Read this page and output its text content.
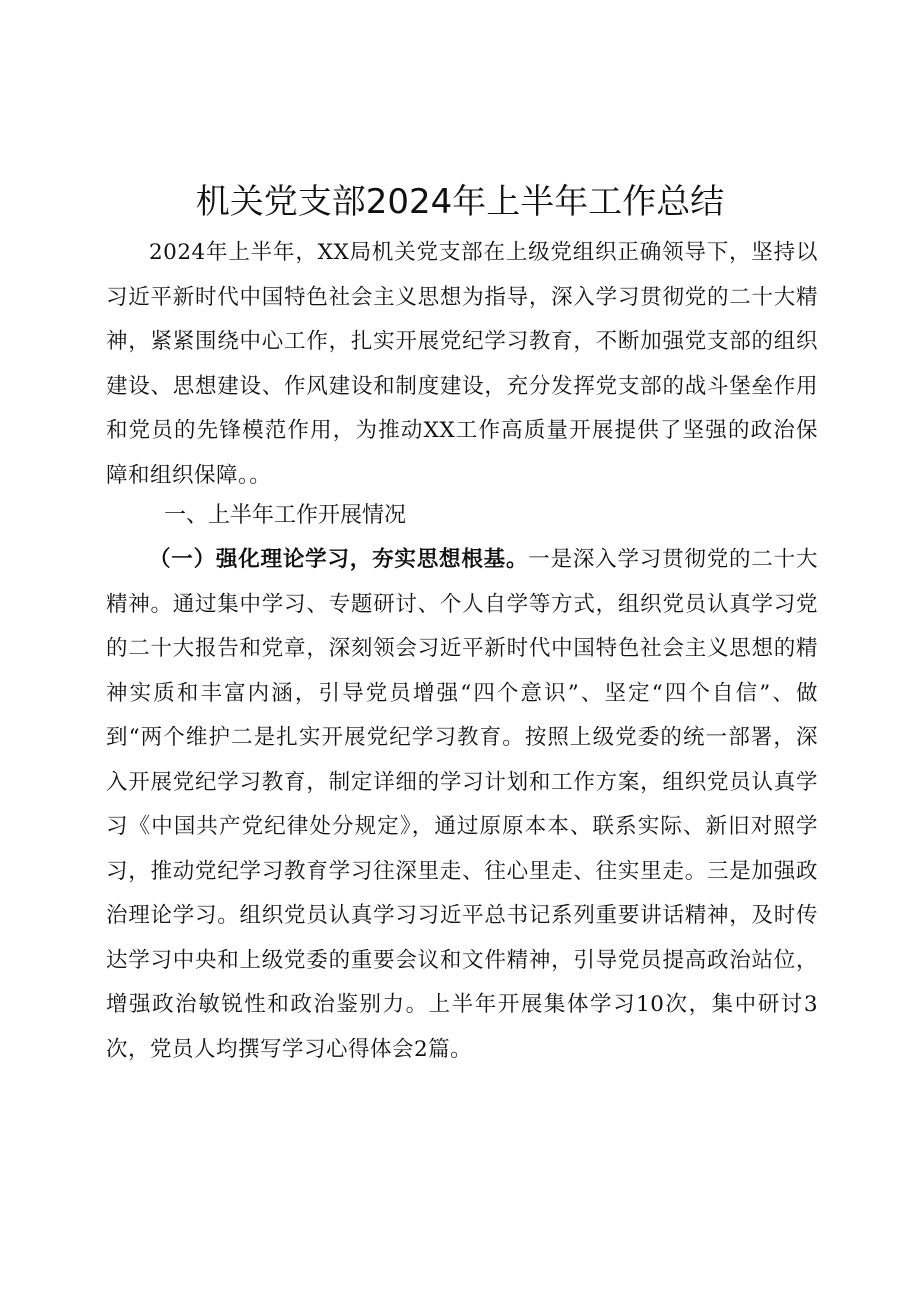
机关党支部2024年上半年工作总结

2024年上半年，XX局机关党支部在上级党组织正确领导下，坚持以习近平新时代中国特色社会主义思想为指导，深入学习贯彻党的二十大精神，紧紧围绕中心工作，扎实开展党纪学习教育，不断加强党支部的组织建设、思想建设、作风建设和制度建设，充分发挥党支部的战斗堡垒作用和党员的先锋模范作用，为推动XX工作高质量开展提供了坚强的政治保障和组织保障。。

一、上半年工作开展情况

（一）强化理论学习，夯实思想根基。一是深入学习贯彻党的二十大精神。通过集中学习、专题研讨、个人自学等方式，组织党员认真学习党的二十大报告和党章，深刻领会习近平新时代中国特色社会主义思想的精神实质和丰富内涵，引导党员增强“四个意识”、坚定“四个自信”、做到“两个维护二是扎实开展党纪学习教育。按照上级党委的统一部署，深入开展党纪学习教育，制定详细的学习计划和工作方案，组织党员认真学习《中国共产党纪律处分规定》，通过原原本本、联系实际、新旧对照学习，推动党纪学习教育学习往深里走、往心里走、往实里走。三是加强政治理论学习。组织党员认真学习习近平总书记系列重要讲话精神，及时传达学习中央和上级党委的重要会议和文件精神，引导党员提高政治站位，增强政治敏锐性和政治鉴别力。上半年开展集体学习10次，集中研讨3次，党员人均撰写学习心得体会2篇。
